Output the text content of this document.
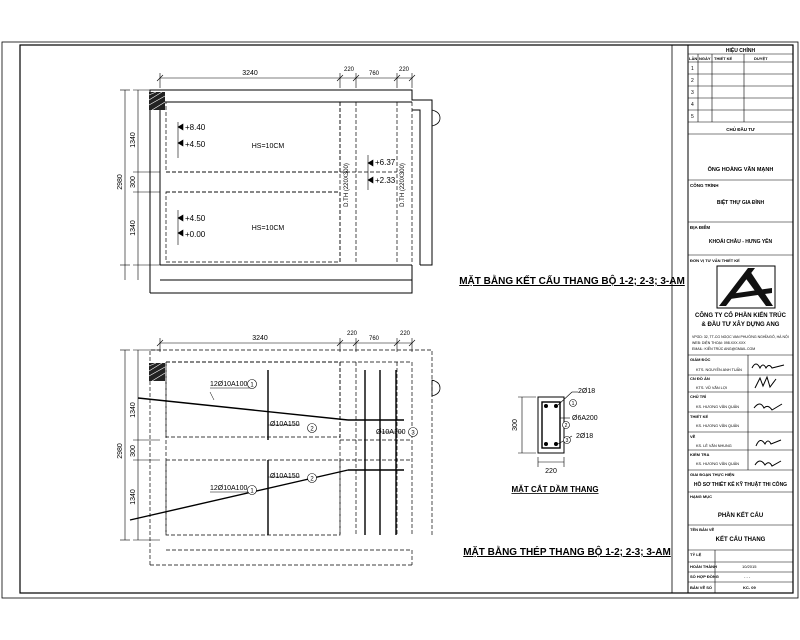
3240	220
760
220
1340
300
1340
2980
HS=10CM
HS=10CM
+8.40
+4.50
+4.50
+0.00
+6.37
+2.33
D.TH (220X300)	D.TH (220X300)
MẶT BẰNG KẾT CẤU THANG BỘ 1-2; 2-3; 3-AM
3240
220
760
220
1340
300
1340
2980
12Ø10A100
Ø10A150
Ø10A100
Ø10A150
12Ø10A100
1
2
3
1
2
MẶT BẰNG THÉP THANG BỘ 1-2; 2-3; 3-AM
300
220
2Ø18
Ø6A200
2Ø18
1
2
3
MẶT CẮT DẦM THANG
HIỆU CHỈNH
LẦN NGÀY THIẾT KẾ	DUYỆT
1
2
3
4
5
CHỦ ĐẦU TƯ
ÔNG HOÀNG VĂN MẠNH
CÔNG TRÌNH
BIỆT THỰ GIA ĐÌNH
ĐỊA ĐIỂM
KHOÁI CHÂU - HƯNG YÊN
ĐƠN VỊ TƯ VẤN THIẾT KẾ
CÔNG TY CỔ PHẦN KIẾN TRÚC
& ĐẦU TƯ XÂY DỰNG ANG
VPGD: 32, TT-CG NGỌC VAN PHƯỜNG NGHĨA ĐÔ, HÀ NỘI
WEB: DIỆN THOẠI: 098.XXX.XXX
EMAIL: KIẾN TRÚC ANG@GMAIL.COM
GIÁM ĐỐC
KTS. NGUYỄN ANH TUẤN
CN ĐỒ ÁN
KTS. VŨ VĂN LỢI
CHỦ TRÌ
KS. HƯƠNG VĂN QUÂN
THIẾT KẾ
KS. HƯƠNG VĂN QUÂN
VẼ
KS. LÊ VĂN NHUNG
KIỂM TRA
KS. HƯƠNG VĂN QUÂN
GIAI ĐOẠN THỰC HIỆN
HỒ SƠ THIẾT KẾ KỸ THUẬT THI CÔNG
HẠNG MỤC
PHẦN KẾT CẤU
TÊN BẢN VẼ
KẾT CẤU THANG
TỶ LỆ
HOÀN THÀNH	10/2015
SỐ HỢP ĐỒNG	- - -
BẢN VẼ SỐ	KC- 09
